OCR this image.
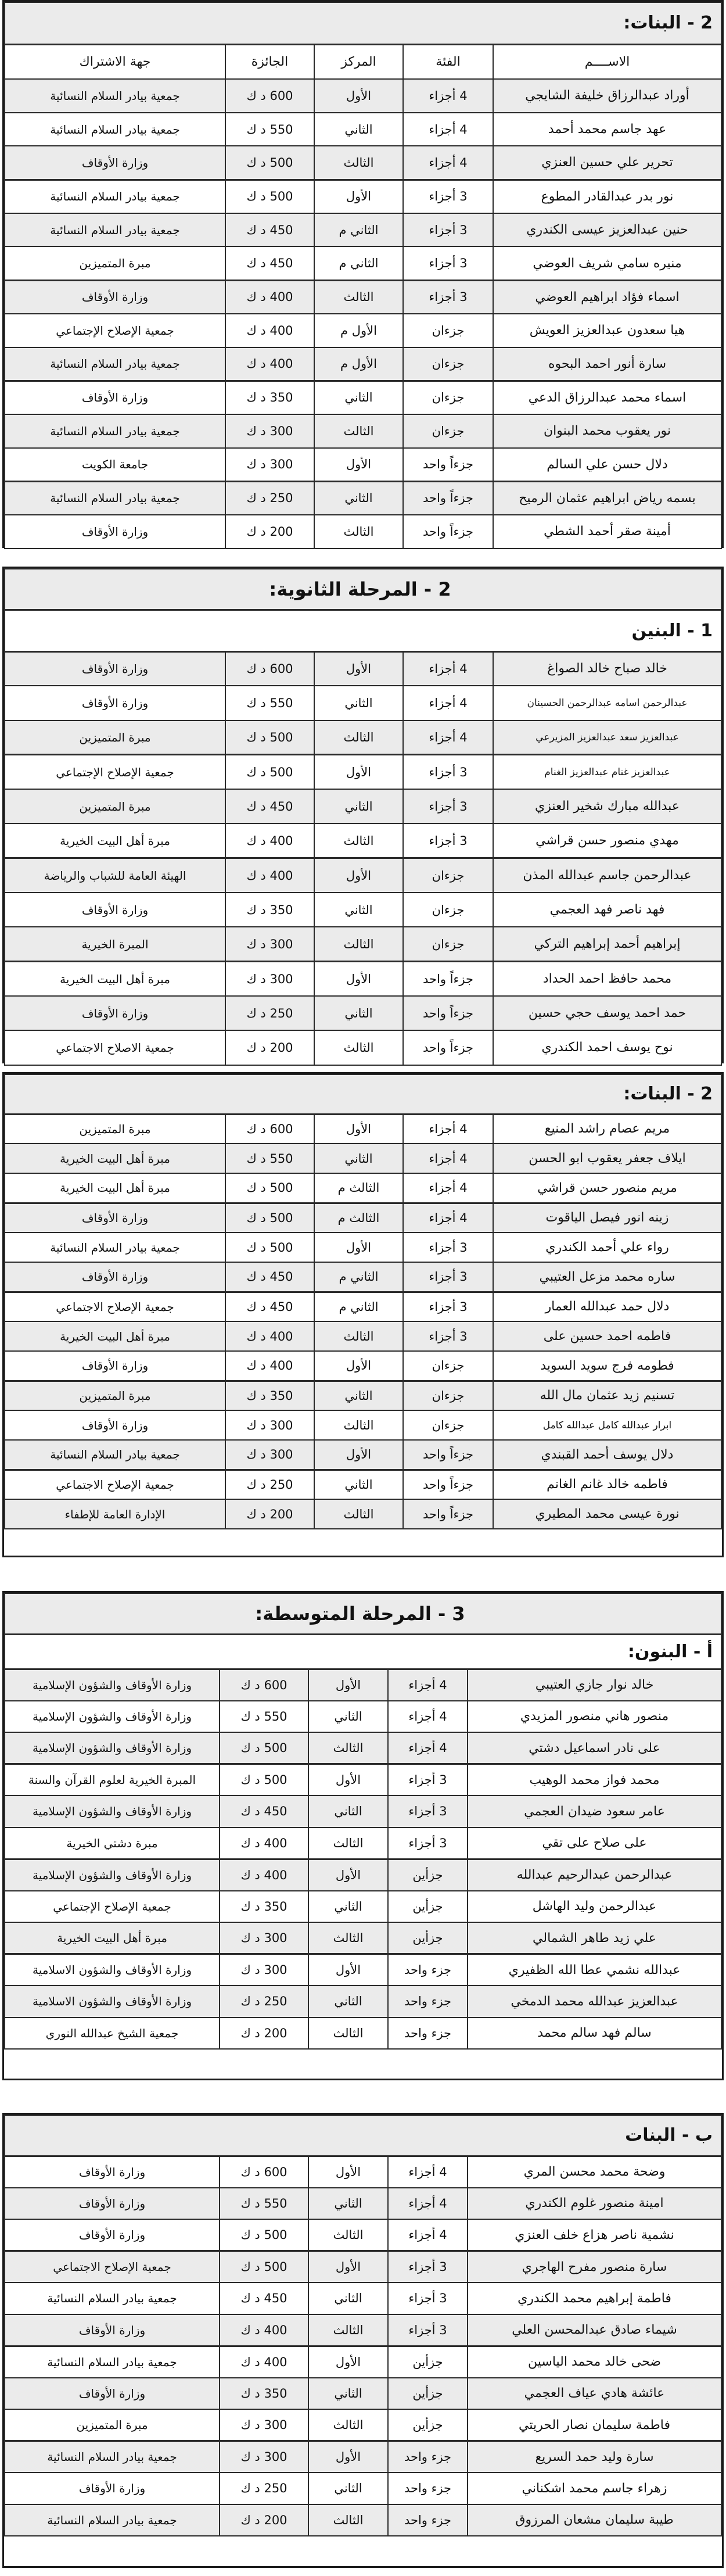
2 - البنات:				
الاســــم	الفئة	المركز	الجائزة	جهة الاشتراك
أوراد عبدالرزاق خليفة الشايجي	4 أجزاء	الأول	600 د ك	جمعية بيادر السلام النسائية
عهد جاسم محمد أحمد	4 أجزاء	الثاني	550 د ك	جمعية بيادر السلام النسائية
تحرير علي حسين العنزي	4 أجزاء	الثالث	500 د ك	وزارة الأوقاف
نور بدر عبدالقادر المطوع	3 أجزاء	الأول	500 د ك	جمعية بيادر السلام النسائية
حنين عبدالعزيز عيسى الكندري	3 أجزاء	الثاني م	450 د ك	جمعية بيادر السلام النسائية
منيره سامي شريف العوضي	3 أجزاء	الثاني م	450 د ك	مبرة المتميزين
اسماء فؤاد ابراهيم العوضي	3 أجزاء	الثالث	400 د ك	وزارة الأوقاف
هيا سعدون عبدالعزيز العويش	جزءان	الأول م	400 د ك	جمعية الإصلاح الإجتماعي
سارة أنور احمد البحوه	جزءان	الأول م	400 د ك	جمعية بيادر السلام النسائية
اسماء محمد عبدالرزاق الدعي	جزءان	الثاني	350 د ك	وزارة الأوقاف
نور يعقوب محمد البنوان	جزءان	الثالث	300 د ك	جمعية بيادر السلام النسائية
دلال حسن علي السالم	جزءاً واحد	الأول	300 د ك	جامعة الكويت
بسمه رياض ابراهيم عثمان الرميح	جزءاً واحد	الثاني	250 د ك	جمعية بيادر السلام النسائية
أمينة صقر أحمد الشطي	جزءاً واحد	الثالث	200 د ك	وزارة الأوقاف
2 - المرحلة الثانوية:				
1 - البنين				
خالد صباح خالد الصواغ	4 أجزاء	الأول	600 د ك	وزارة الأوقاف
عبدالرحمن اسامه عبدالرحمن الحسينان	4 أجزاء	الثاني	550 د ك	وزارة الأوقاف
عبدالعزيز سعد عبدالعزيز المزيرعي	4 أجزاء	الثالث	500 د ك	مبرة المتميزين
عبدالعزيز غنام عبدالعزيز الغنام	3 أجزاء	الأول	500 د ك	جمعية الإصلاح الإجتماعي
عبدالله مبارك شخير العنزي	3 أجزاء	الثاني	450 د ك	مبرة المتميزين
مهدي منصور حسن قراشي	3 أجزاء	الثالث	400 د ك	مبرة أهل البيت الخيرية
عبدالرحمن جاسم عبدالله المذن	جزءان	الأول	400 د ك	الهيئة العامة للشباب والرياضة
فهد ناصر فهد العجمي	جزءان	الثاني	350 د ك	وزارة الأوقاف
إبراهيم أحمد إبراهيم التركي	جزءان	الثالث	300 د ك	المبرة الخيرية
محمد حافظ احمد الحداد	جزءاً واحد	الأول	300 د ك	مبرة أهل البيت الخيرية
حمد احمد يوسف حجي حسين	جزءاً واحد	الثاني	250 د ك	وزارة الأوقاف
نوح يوسف احمد الكندري	جزءاً واحد	الثالث	200 د ك	جمعية الاصلاح الاجتماعي
2 - البنات:				
مريم عصام راشد المنيع	4 أجزاء	الأول	600 د ك	مبرة المتميزين
ايلاف جعفر يعقوب ابو الحسن	4 أجزاء	الثاني	550 د ك	مبرة أهل البيت الخيرية
مريم منصور حسن قراشي	4 أجزاء	الثالث م	500 د ك	مبرة أهل البيت الخيرية
زينه انور فيصل الياقوت	4 أجزاء	الثالث م	500 د ك	وزارة الأوقاف
رواء علي أحمد الكندري	3 أجزاء	الأول	500 د ك	جمعية بيادر السلام النسائية
ساره محمد مزعل العتيبي	3 أجزاء	الثاني م	450 د ك	وزارة الأوقاف
دلال حمد عبدالله العمار	3 أجزاء	الثاني م	450 د ك	جمعية الإصلاح الاجتماعي
فاطمه احمد حسين على	3 أجزاء	الثالث	400 د ك	مبرة أهل البيت الخيرية
فطومه فرج سويد السويد	جزءان	الأول	400 د ك	وزارة الأوقاف
تسنيم زيد عثمان مال الله	جزءان	الثاني	350 د ك	مبرة المتميزين
ابرار عبدالله كامل عبدالله كامل	جزءان	الثالث	300 د ك	وزارة الأوقاف
دلال يوسف أحمد القبندي	جزءاً واحد	الأول	300 د ك	جمعية بيادر السلام النسائية
فاطمه خالد غانم الغانم	جزءاً واحد	الثاني	250 د ك	جمعية الإصلاح الاجتماعي
نورة عيسى محمد المطيري	جزءاً واحد	الثالث	200 د ك	الإدارة العامة للإطفاء
3 - المرحلة المتوسطة:				
أ - البنون:				
خالد نوار جازي العتيبي	4 أجزاء	الأول	600 د ك	وزارة الأوقاف والشؤون الإسلامية
منصور هاني منصور المزيدي	4 أجزاء	الثاني	550 د ك	وزارة الأوقاف والشؤون الإسلامية
على نادر اسماعيل دشتي	4 أجزاء	الثالث	500 د ك	وزارة الأوقاف والشؤون الإسلامية
محمد فواز محمد الوهيب	3 أجزاء	الأول	500 د ك	المبرة الخيرية لعلوم القرآن والسنة
عامر سعود ضيدان العجمي	3 أجزاء	الثاني	450 د ك	وزارة الأوقاف والشؤون الإسلامية
على صلاح على تقي	3 أجزاء	الثالث	400 د ك	مبرة دشتي الخيرية
عبدالرحمن عبدالرحيم عبدالله	جزأين	الأول	400 د ك	وزارة الأوقاف والشؤون الإسلامية
عبدالرحمن وليد الهاشل	جزأين	الثاني	350 د ك	جمعية الإصلاح الإجتماعي
علي زيد طاهر الشمالي	جزأين	الثالث	300 د ك	مبرة أهل البيت الخيرية
عبدالله نشمي عطا الله الظفيري	جزء واحد	الأول	300 د ك	وزارة الأوقاف والشؤون الاسلامية
عبدالعزيز عبدالله محمد الدمخي	جزء واحد	الثاني	250 د ك	وزارة الأوقاف والشؤون الاسلامية
سالم فهد سالم محمد	جزء واحد	الثالث	200 د ك	جمعية الشيخ عبدالله النوري
ب - البنات				
وضحة محمد محسن المري	4 أجزاء	الأول	600 د ك	وزارة الأوقاف
امينة منصور غلوم الكندري	4 أجزاء	الثاني	550 د ك	وزارة الأوقاف
نشمية ناصر هزاع خلف العنزي	4 أجزاء	الثالث	500 د ك	وزارة الأوقاف
سارة منصور مفرح الهاجري	3 أجزاء	الأول	500 د ك	جمعية الإصلاح الاجتماعي
فاطمة إبراهيم محمد الكندري	3 أجزاء	الثاني	450 د ك	جمعية بيادر السلام النسائية
شيماء صادق عبدالمحسن العلي	3 أجزاء	الثالث	400 د ك	وزارة الأوقاف
ضحى خالد محمد الياسين	جزأين	الأول	400 د ك	جمعية بيادر السلام النسائية
عائشة هادي عياف العجمي	جزأين	الثاني	350 د ك	وزارة الأوقاف
فاطمة سليمان نصار الحريتي	جزأين	الثالث	300 د ك	مبرة المتميزين
سارة وليد حمد السريع	جزء واحد	الأول	300 د ك	جمعية بيادر السلام النسائية
زهراء جاسم محمد اشكناني	جزء واحد	الثاني	250 د ك	وزارة الأوقاف
طيبة سليمان مشعان المرزوق	جزء واحد	الثالث	200 د ك	جمعية بيادر السلام النسائية
